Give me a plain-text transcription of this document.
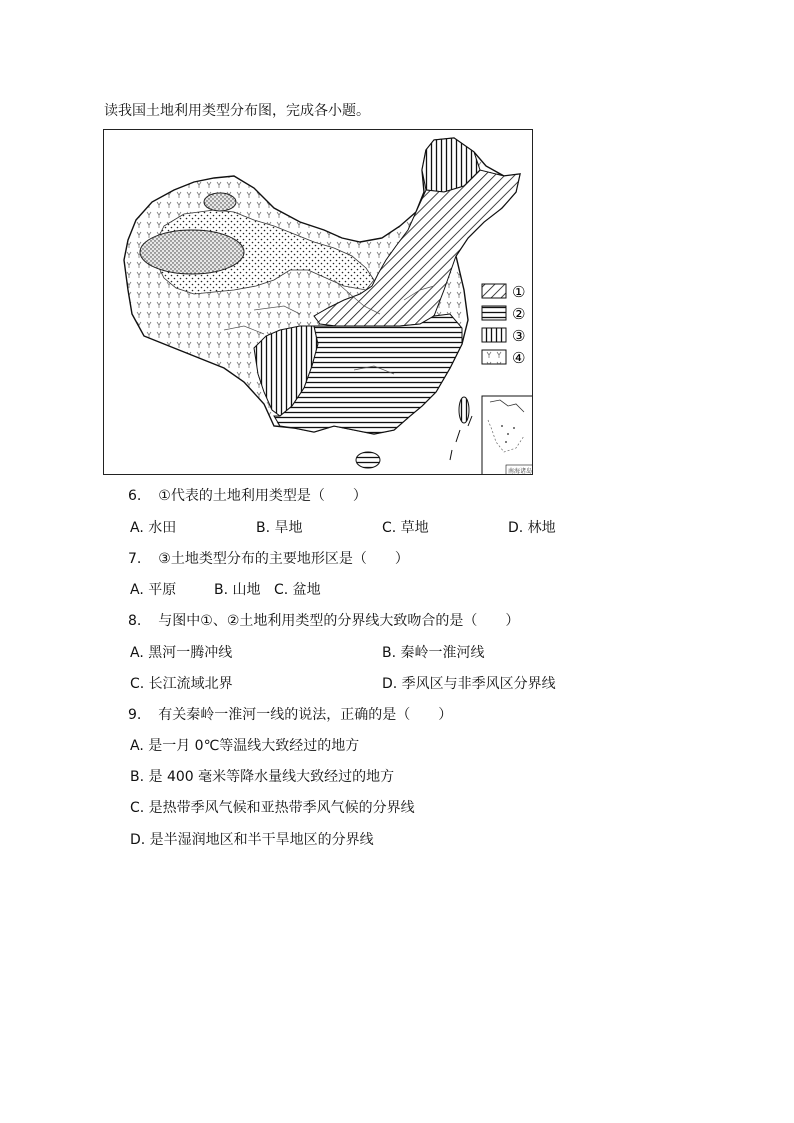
读我国土地利用类型分布图，完成各小题。
①
②
③
④
南海诸岛
6. ①代表的土地利用类型是（　　）
A. 水田	B. 旱地	C. 草地	D. 林地
7. ③土地类型分布的主要地形区是（　　）
A. 平原	B. 山地 C. 盆地
8. 与图中①、②土地利用类型的分界线大致吻合的是（　　）
A. 黑河一腾冲线	B. 秦岭一淮河线
C. 长江流域北界	D. 季风区与非季风区分界线
9. 有关秦岭一淮河一线的说法，正确的是（　　）
A. 是一月 0℃等温线大致经过的地方
B. 是 400 毫米等降水量线大致经过的地方
C. 是热带季风气候和亚热带季风气候的分界线
D. 是半湿润地区和半干旱地区的分界线
